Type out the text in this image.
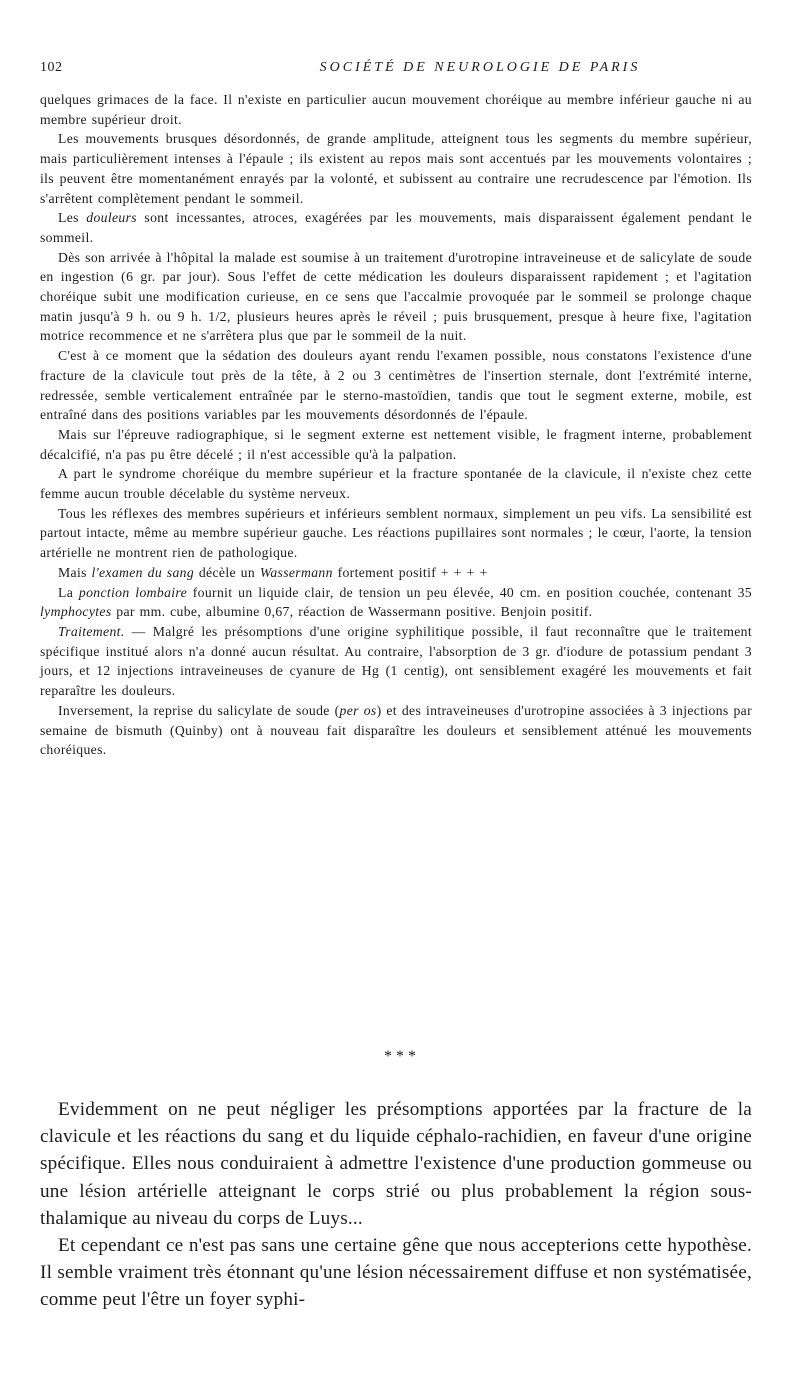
102	SOCIÉTÉ DE NEUROLOGIE DE PARIS

quelques grimaces de la face. Il n'existe en particulier aucun mouvement choréique au membre inférieur gauche ni au membre supérieur droit.

Les mouvements brusques désordonnés, de grande amplitude, atteignent tous les segments du membre supérieur, mais particulièrement intenses à l'épaule ; ils existent au repos mais sont accentués par les mouvements volontaires ; ils peuvent être momentanément enrayés par la volonté, et subissent au contraire une recrudescence par l'émotion. Ils s'arrêtent complètement pendant le sommeil.

Les douleurs sont incessantes, atroces, exagérées par les mouvements, mais disparaissent également pendant le sommeil.

Dès son arrivée à l'hôpital la malade est soumise à un traitement d'urotropine intraveineuse et de salicylate de soude en ingestion (6 gr. par jour). Sous l'effet de cette médication les douleurs disparaissent rapidement ; et l'agitation choréique subit une modification curieuse, en ce sens que l'accalmie provoquée par le sommeil se prolonge chaque matin jusqu'à 9 h. ou 9 h. 1/2, plusieurs heures après le réveil ; puis brusquement, presque à heure fixe, l'agitation motrice recommence et ne s'arrêtera plus que par le sommeil de la nuit.

C'est à ce moment que la sédation des douleurs ayant rendu l'examen possible, nous constatons l'existence d'une fracture de la clavicule tout près de la tête, à 2 ou 3 centimètres de l'insertion sternale, dont l'extrémité interne, redressée, semble verticalement entraînée par le sterno-mastoïdien, tandis que tout le segment externe, mobile, est entraîné dans des positions variables par les mouvements désordonnés de l'épaule.

Mais sur l'épreuve radiographique, si le segment externe est nettement visible, le fragment interne, probablement décalcifié, n'a pas pu être décelé ; il n'est accessible qu'à la palpation.

A part le syndrome choréique du membre supérieur et la fracture spontanée de la clavicule, il n'existe chez cette femme aucun trouble décelable du système nerveux.

Tous les réflexes des membres supérieurs et inférieurs semblent normaux, simplement un peu vifs. La sensibilité est partout intacte, même au membre supérieur gauche. Les réactions pupillaires sont normales ; le cœur, l'aorte, la tension artérielle ne montrent rien de pathologique.

Mais l'examen du sang décèle un Wassermann fortement positif + + + +

La ponction lombaire fournit un liquide clair, de tension un peu élevée, 40 cm. en position couchée, contenant 35 lymphocytes par mm. cube, albumine 0,67, réaction de Wassermann positive. Benjoin positif.

Traitement. — Malgré les présomptions d'une origine syphilitique possible, il faut reconnaître que le traitement spécifique institué alors n'a donné aucun résultat. Au contraire, l'absorption de 3 gr. d'iodure de potassium pendant 3 jours, et 12 injections intraveineuses de cyanure de Hg (1 centig), ont sensiblement exagéré les mouvements et fait reparaître les douleurs.

Inversement, la reprise du salicylate de soude (per os) et des intraveineuses d'urotropine associées à 3 injections par semaine de bismuth (Quinby) ont à nouveau fait disparaître les douleurs et sensiblement atténué les mouvements choréiques.

* * *

Evidemment on ne peut négliger les présomptions apportées par la fracture de la clavicule et les réactions du sang et du liquide céphalo-rachidien, en faveur d'une origine spécifique. Elles nous conduiraient à admettre l'existence d'une production gommeuse ou une lésion artérielle atteignant le corps strié ou plus probablement la région sous-thalamique au niveau du corps de Luys...

Et cependant ce n'est pas sans une certaine gêne que nous accepterions cette hypothèse. Il semble vraiment très étonnant qu'une lésion nécessairement diffuse et non systématisée, comme peut l'être un foyer syphi-
